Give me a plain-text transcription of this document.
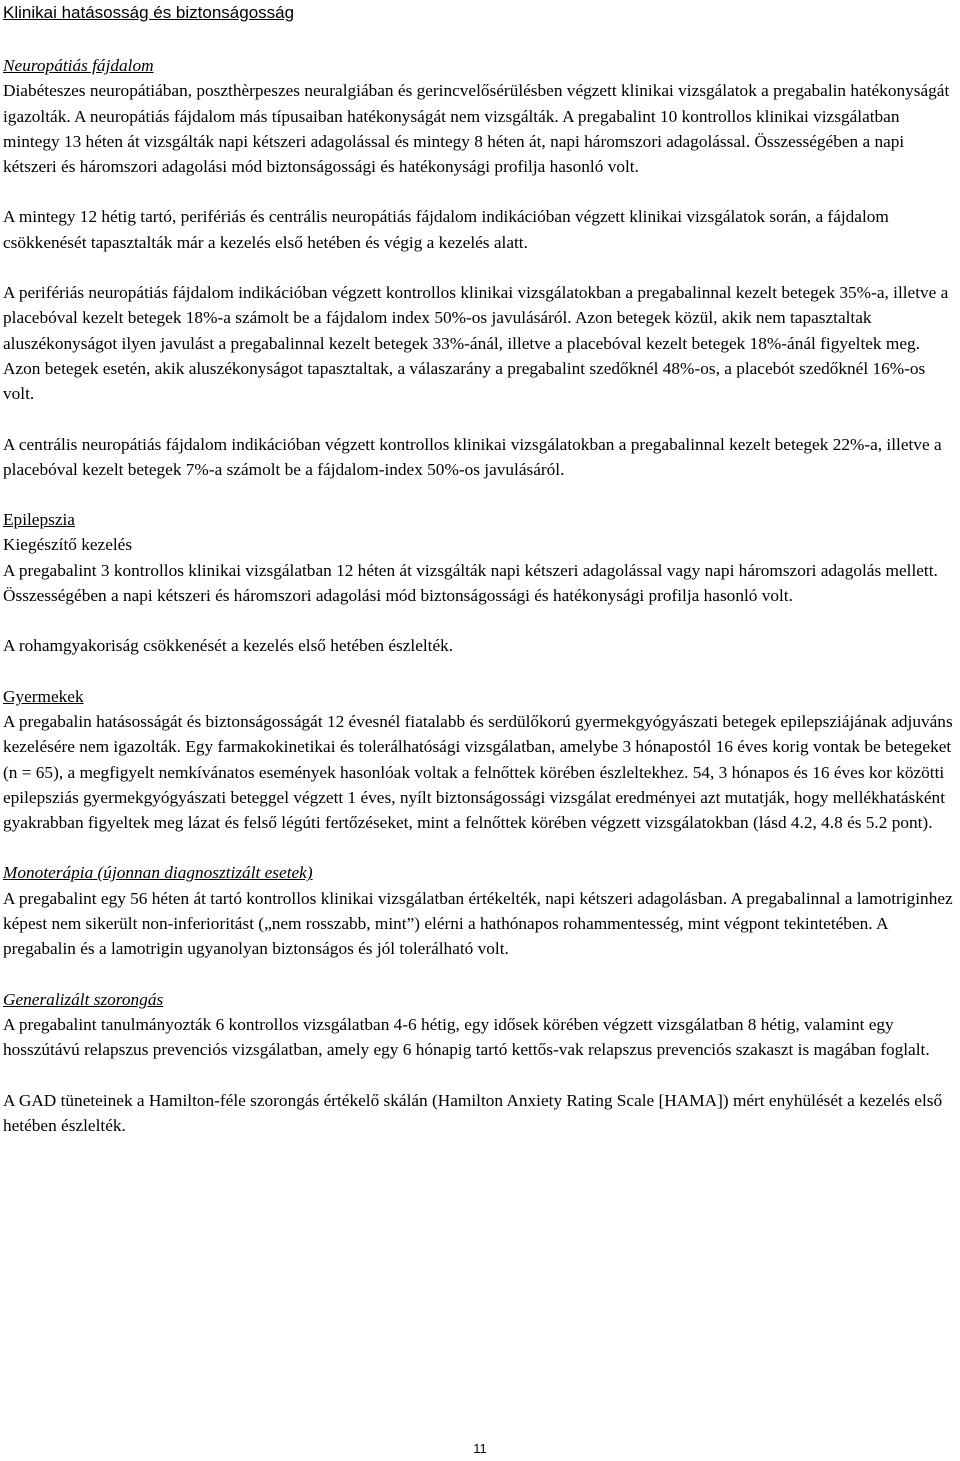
Klinikai hatásosság és biztonságosság

Neuropátiás fájdalom

Diabéteszes neuropátiában, poszthèrpeszes neuralgiában és gerincvelősérülésben végzett klinikai vizsgálatok a pregabalin hatékonyságát igazolták. A neuropátiás fájdalom más típusaiban hatékonyságát nem vizsgálták. A pregabalint 10 kontrollos klinikai vizsgálatban mintegy 13 héten át vizsgálták napi kétszeri adagolással és mintegy 8 héten át, napi háromszori adagolással. Összességében a napi kétszeri és háromszori adagolási mód biztonságossági és hatékonysági profilja hasonló volt.

A mintegy 12 hétig tartó, perifériás és centrális neuropátiás fájdalom indikációban végzett klinikai vizsgálatok során, a fájdalom csökkenését tapasztalták már a kezelés első hetében és végig a kezelés alatt.

A perifériás neuropátiás fájdalom indikációban végzett kontrollos klinikai vizsgálatokban a pregabalinnal kezelt betegek 35%-a, illetve a placebóval kezelt betegek 18%-a számolt be a fájdalom index 50%-os javulásáról. Azon betegek közül, akik nem tapasztaltak aluszékonyságot ilyen javulást a pregabalinnal kezelt betegek 33%-ánál, illetve a placebóval kezelt betegek 18%-ánál figyeltek meg. Azon betegek esetén, akik aluszékonyságot tapasztaltak, a válaszarány a pregabalint szedőknél 48%-os, a placebót szedőknél 16%-os volt.

A centrális neuropátiás fájdalom indikációban végzett kontrollos klinikai vizsgálatokban a pregabalinnal kezelt betegek 22%-a, illetve a placebóval kezelt betegek 7%-a számolt be a fájdalom-index 50%-os javulásáról.

Epilepszia

Kiegészítő kezelés

A pregabalint 3 kontrollos klinikai vizsgálatban 12 héten át vizsgálták napi kétszeri adagolással vagy napi háromszori adagolás mellett. Összességében a napi kétszeri és háromszori adagolási mód biztonságossági és hatékonysági profilja hasonló volt.

A rohamgyakoriság csökkenését a kezelés első hetében észlelték.

Gyermekek

A pregabalin hatásosságát és biztonságosságát 12 évesnél fiatalabb és serdülőkorú gyermekgyógyászati betegek epilepsziájának adjuváns kezelésére nem igazolták. Egy farmakokinetikai és tolerálhatósági vizsgálatban, amelybe 3 hónapostól 16 éves korig vontak be betegeket (n = 65), a megfigyelt nemkívánatos események hasonlóak voltak a felnőttek körében észleltekhez. 54, 3 hónapos és 16 éves kor közötti epilepsziás gyermekgyógyászati beteggel végzett 1 éves, nyílt biztonságossági vizsgálat eredményei azt mutatják, hogy mellékhatásként gyakrabban figyeltek meg lázat és felső légúti fertőzéseket, mint a felnőttek körében végzett vizsgálatokban (lásd 4.2, 4.8 és 5.2 pont).

Monoterápia (újonnan diagnosztizált esetek)

A pregabalint egy 56 héten át tartó kontrollos klinikai vizsgálatban értékelték, napi kétszeri adagolásban. A pregabalinnal a lamotriginhez képest nem sikerült non-inferioritást („nem rosszabb, mint”) elérni a hathónapos rohammentesség, mint végpont tekintetében. A pregabalin és a lamotrigin ugyanolyan biztonságos és jól tolerálható volt.

Generalizált szorongás

A pregabalint tanulmányozták 6 kontrollos vizsgálatban 4-6 hétig, egy idősek körében végzett vizsgálatban 8 hétig, valamint egy hosszútávú relapszus prevenciós vizsgálatban, amely egy 6 hónapig tartó kettős-vak relapszus prevenciós szakaszt is magában foglalt.

A GAD tüneteinek a Hamilton-féle szorongás értékelő skálán (Hamilton Anxiety Rating Scale [HAMA]) mért enyhülését a kezelés első hetében észlelték.

11
